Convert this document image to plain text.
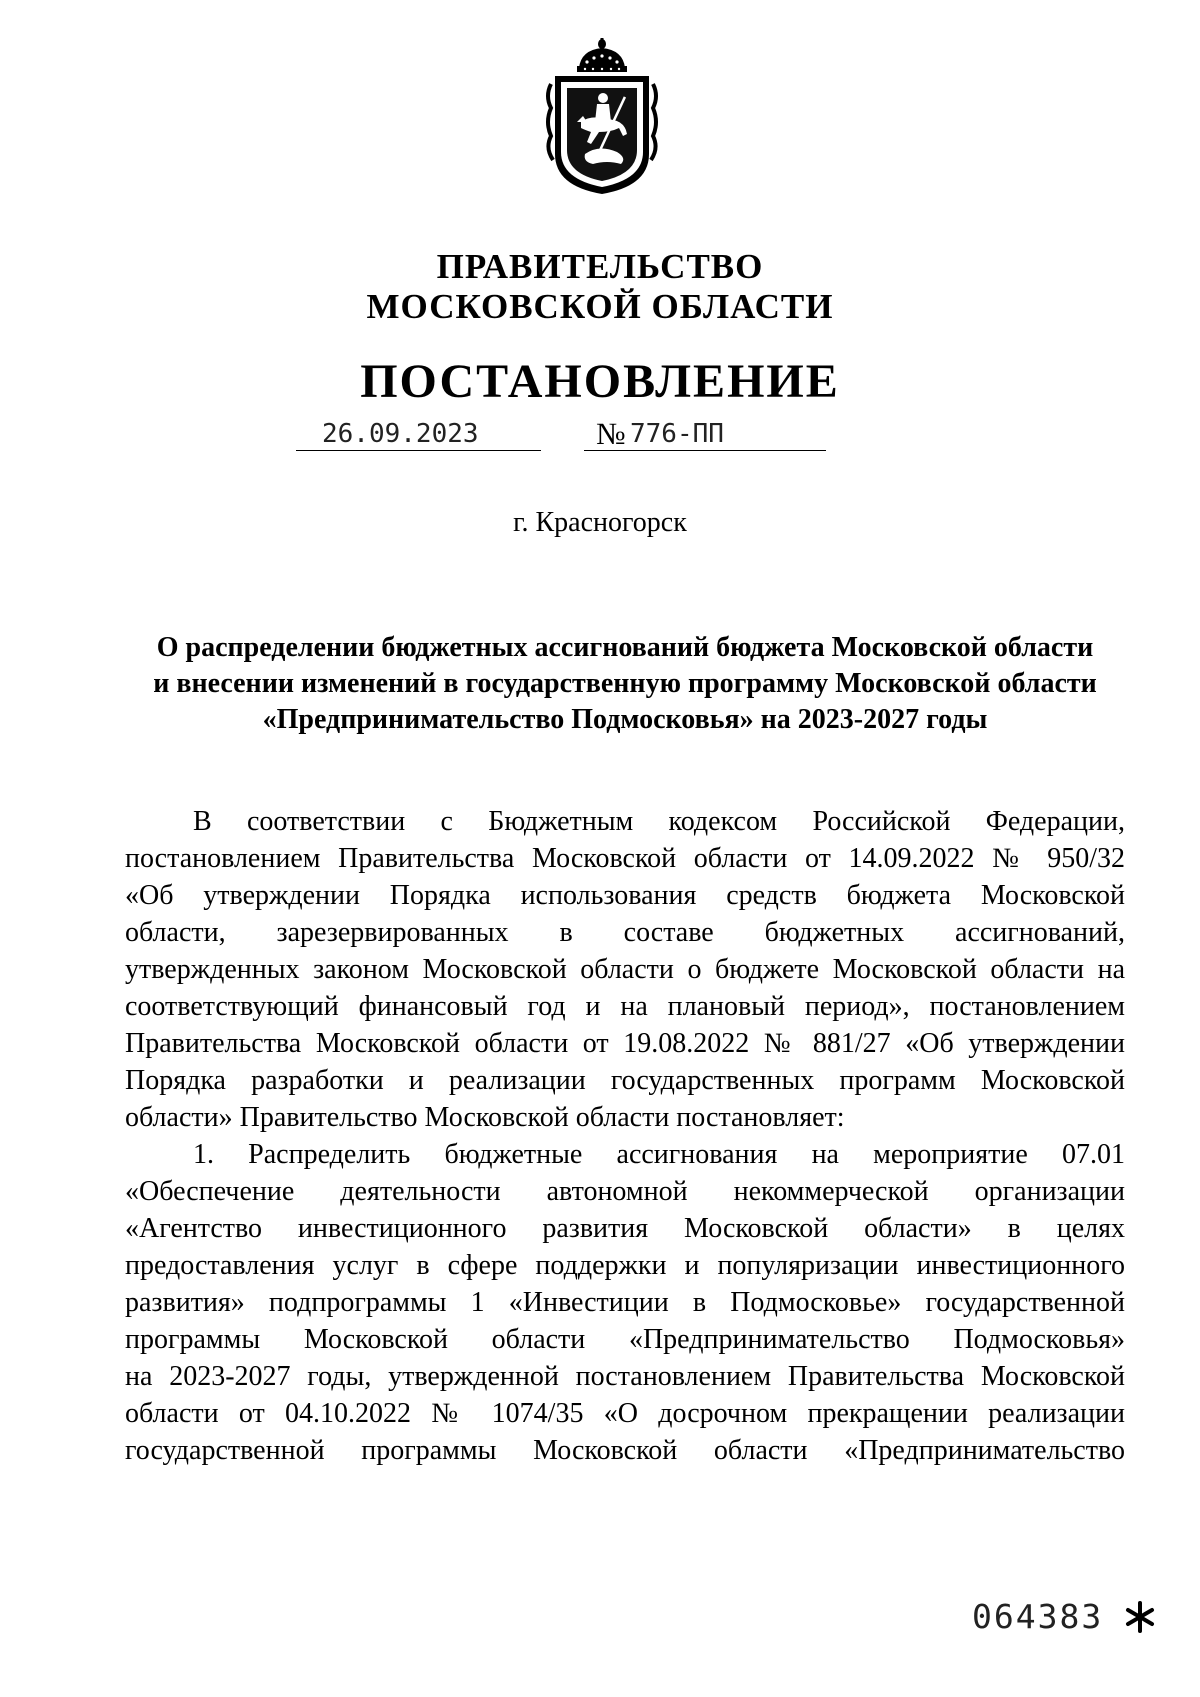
ПРАВИТЕЛЬСТВО
МОСКОВСКОЙ ОБЛАСТИ
ПОСТАНОВЛЕНИЕ
26.09.2023	№ 776-ПП
г. Красногорск
О распределении бюджетных ассигнований бюджета Московской области
и внесении изменений в государственную программу Московской области
«Предпринимательство Подмосковья» на 2023-2027 годы
В соответствии с Бюджетным кодексом Российской Федерации,
постановлением Правительства Московской области от 14.09.2022 № 950/32
«Об утверждении Порядка использования средств бюджета Московской
области, зарезервированных в составе бюджетных ассигнований,
утвержденных законом Московской области о бюджете Московской области на
соответствующий финансовый год и на плановый период», постановлением
Правительства Московской области от 19.08.2022 № 881/27 «Об утверждении
Порядка разработки и реализации государственных программ Московской
области» Правительство Московской области постановляет:
1. Распределить бюджетные ассигнования на мероприятие 07.01
«Обеспечение деятельности автономной некоммерческой организации
«Агентство инвестиционного развития Московской области» в целях
предоставления услуг в сфере поддержки и популяризации инвестиционного
развития» подпрограммы 1 «Инвестиции в Подмосковье» государственной
программы Московской области «Предпринимательство Подмосковья»
на 2023-2027 годы, утвержденной постановлением Правительства Московской
области от 04.10.2022 № 1074/35 «О досрочном прекращении реализации
государственной программы Московской области «Предпринимательство
064383
